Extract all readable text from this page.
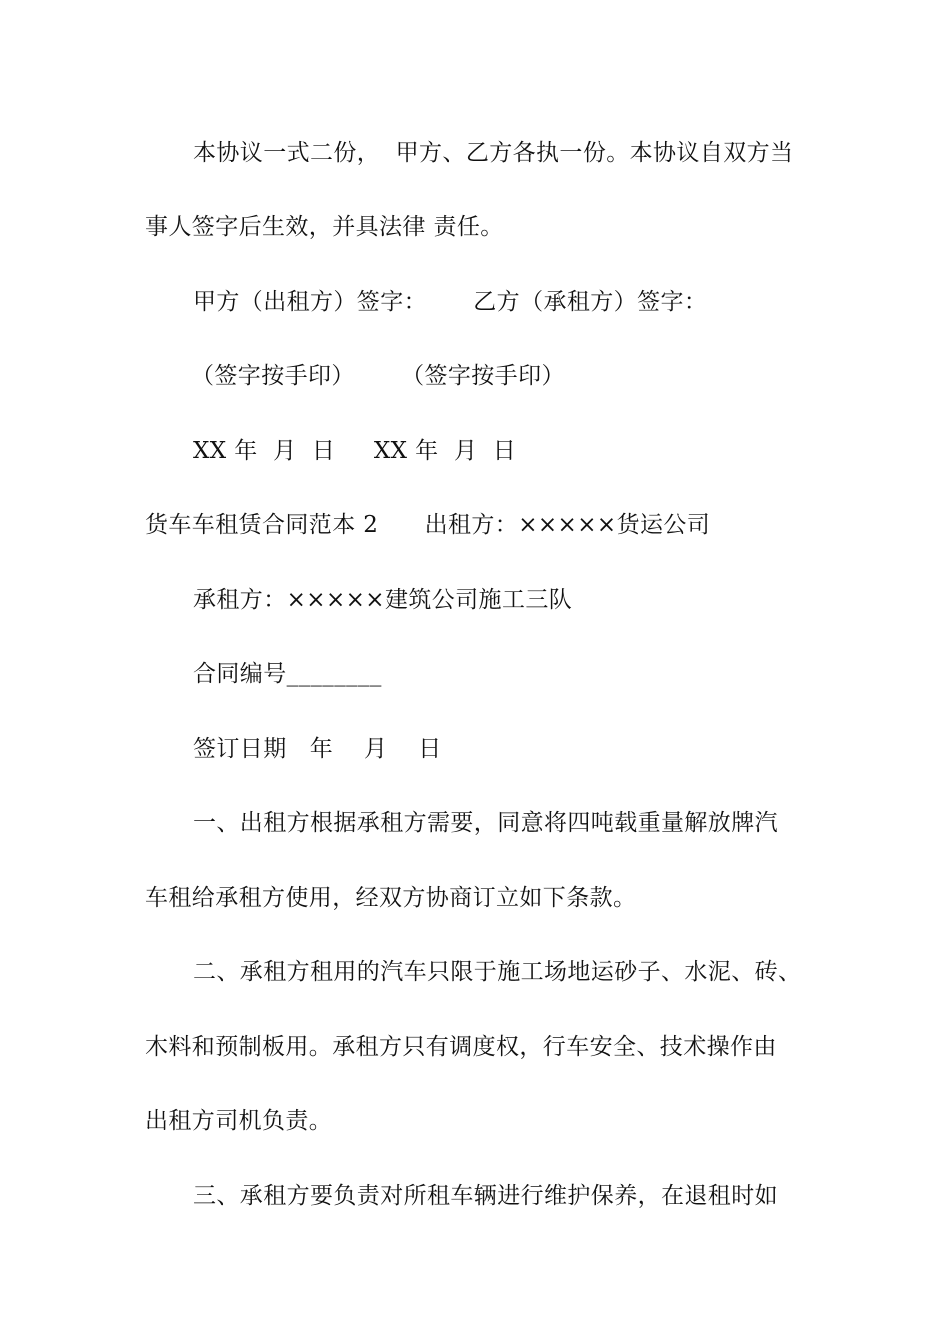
本协议一式二份，  甲方、乙方各执一份。本协议自双方当
事人签字后生效，并具法律 责任。
甲方（出租方）签字：      乙方（承租方）签字：
（签字按手印）      （签字按手印）
XX 年  月  日     XX 年  月  日
货车车租赁合同范本 2      出租方：×××××货运公司
承租方：×××××建筑公司施工三队
合同编号________
签订日期   年    月    日
一、出租方根据承租方需要，同意将四吨载重量解放牌汽
车租给承租方使用，经双方协商订立如下条款。
二、承租方租用的汽车只限于施工场地运砂子、水泥、砖、
木料和预制板用。承租方只有调度权，行车安全、技术操作由
出租方司机负责。
三、承租方要负责对所租车辆进行维护保养，在退租时如
